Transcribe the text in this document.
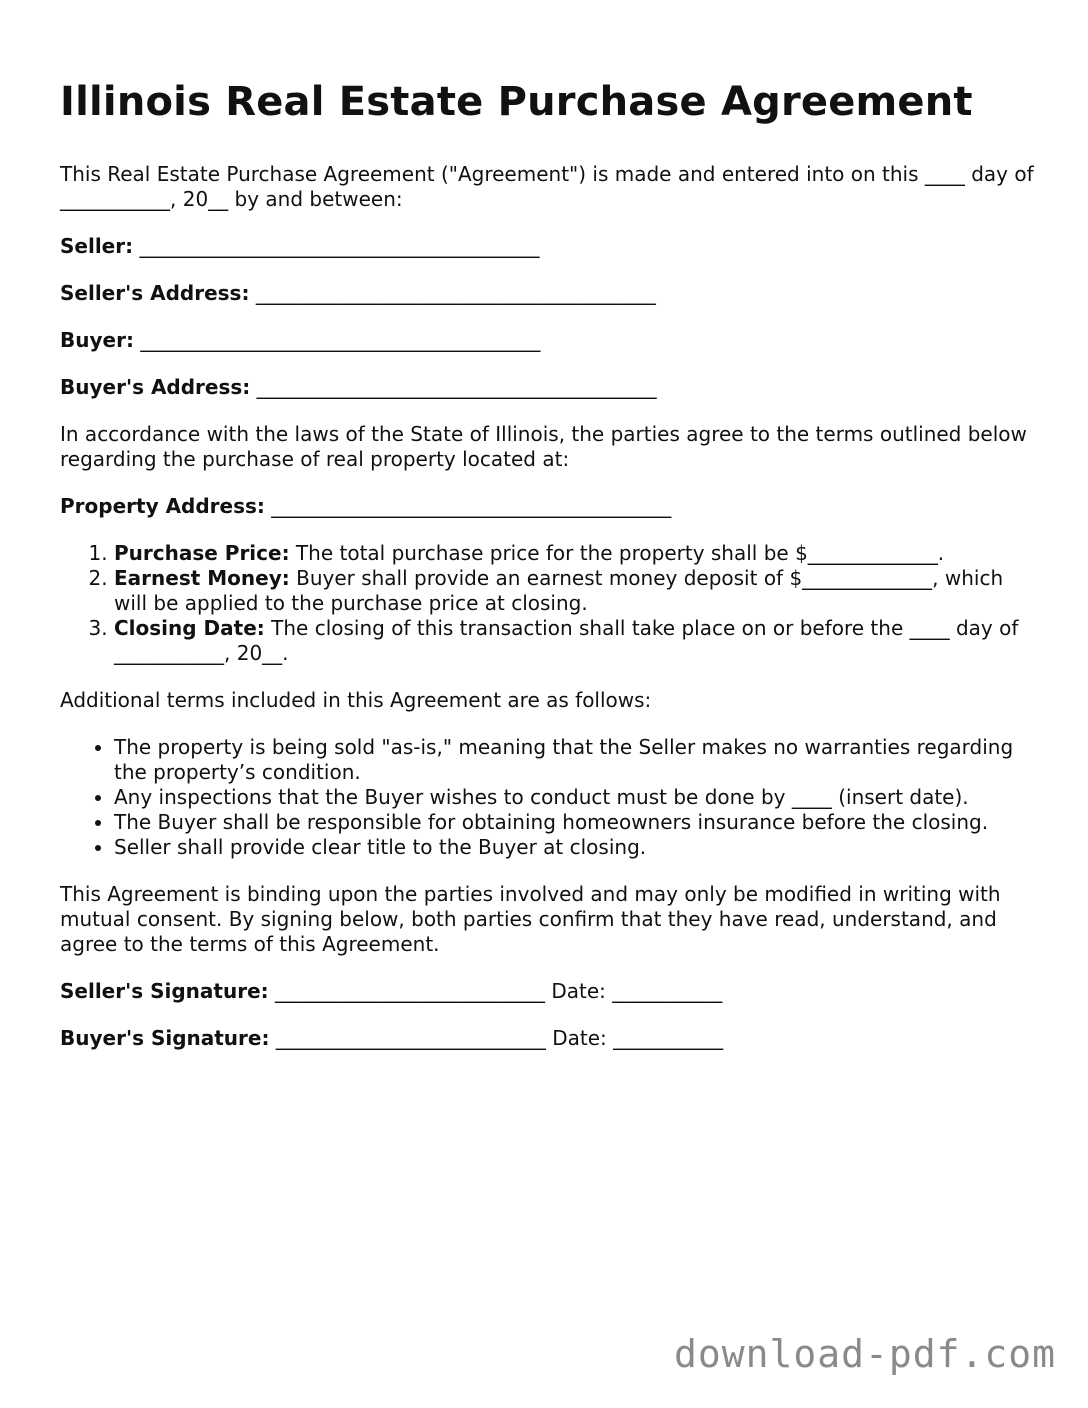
Illinois Real Estate Purchase Agreement

This Real Estate Purchase Agreement ("Agreement") is made and entered into on this ____ day of ___________, 20__ by and between:

Seller: ________________________________________
Seller's Address: ________________________________________
Buyer: ________________________________________
Buyer's Address: ________________________________________

In accordance with the laws of the State of Illinois, the parties agree to the terms outlined below regarding the purchase of real property located at:

Property Address: ________________________________________
1. Purchase Price: The total purchase price for the property shall be $_____________.
2. Earnest Money: Buyer shall provide an earnest money deposit of $_____________, which will be applied to the purchase price at closing.
3. Closing Date: The closing of this transaction shall take place on or before the ____ day of ___________, 20__.

Additional terms included in this Agreement are as follows:

• The property is being sold "as-is," meaning that the Seller makes no warranties regarding the property’s condition.
• Any inspections that the Buyer wishes to conduct must be done by ____ (insert date).
• The Buyer shall be responsible for obtaining homeowners insurance before the closing.
• Seller shall provide clear title to the Buyer at closing.

This Agreement is binding upon the parties involved and may only be modified in writing with mutual consent. By signing below, both parties confirm that they have read, understand, and agree to the terms of this Agreement.

Seller's Signature: ___________________________ Date: ___________
Buyer's Signature: ___________________________ Date: ___________
download-pdf.com
